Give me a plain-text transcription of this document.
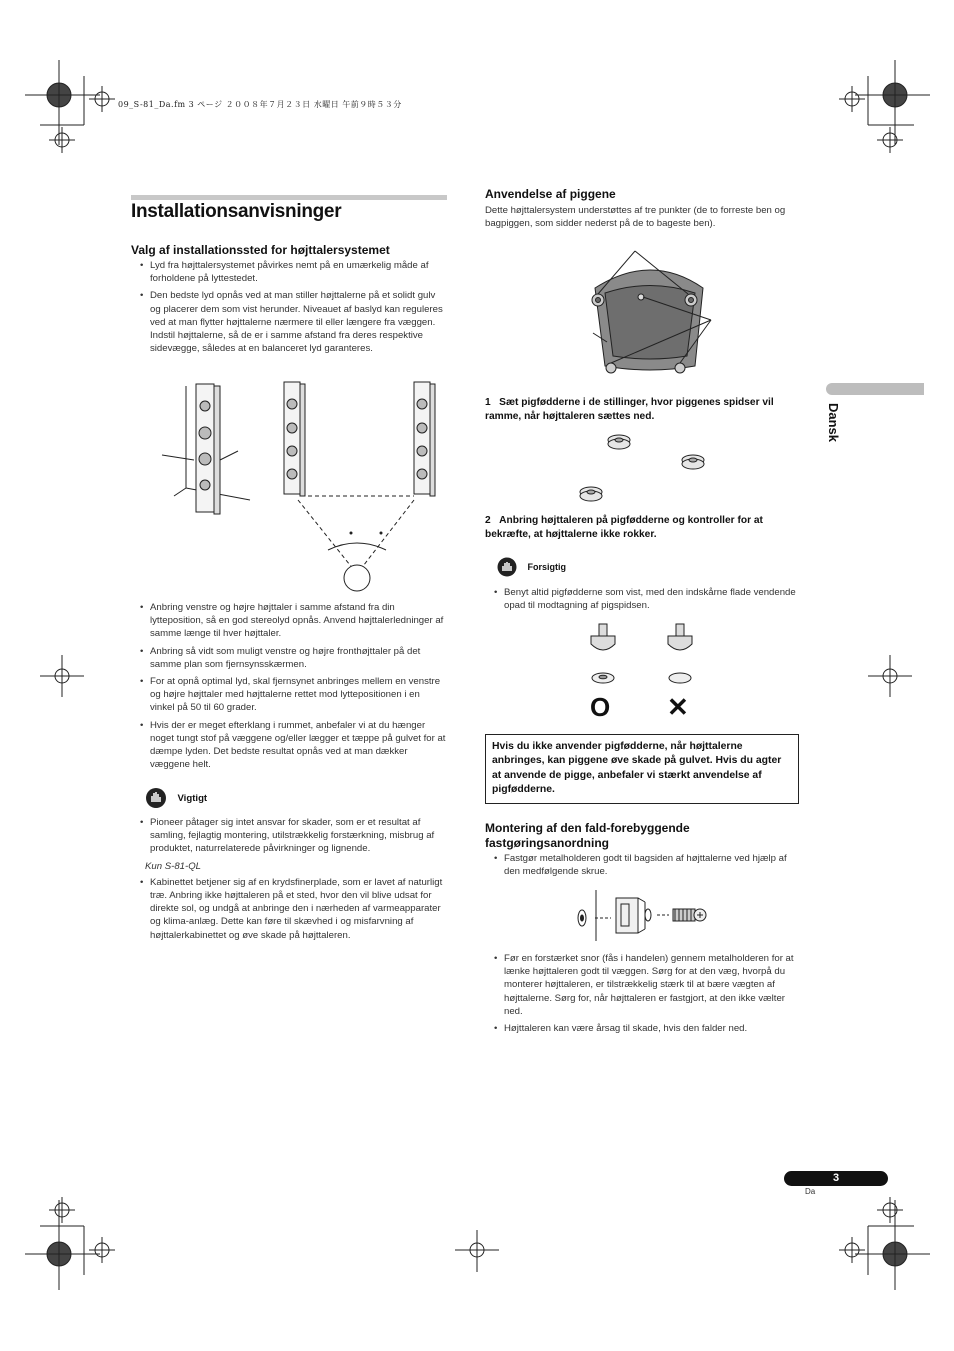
09_S-81_Da.fm 3 ページ ２００８年７月２３日 水曜日 午前９時５３分
Installationsanvisninger
Valg af installationssted for højttalersystemet
• Lyd fra højttalersystemet påvirkes nemt på en umærkelig måde af forholdene på lyttestedet.
• Den bedste lyd opnås ved at man stiller højttalerne på et solidt gulv og placerer dem som vist herunder. Niveauet af baslyd kan reguleres ved at man flytter højttalerne nærmere til eller længere fra væggen. Indstil højttalerne, så de er i samme afstand fra deres respektive sidevægge, således at en balanceret lyd garanteres.
• Anbring venstre og højre højttaler i samme afstand fra din lytteposition, så en god stereolyd opnås. Anvend højttalerledninger af samme længe til hver højttaler.
• Anbring så vidt som muligt venstre og højre fronthøjttaler på det samme plan som fjernsynsskærmen.
• For at opnå optimal lyd, skal fjernsynet anbringes mellem en venstre og højre højttaler med højttalerne rettet mod lyttepositionen i en vinkel på 50 til 60 grader.
• Hvis der er meget efterklang i rummet, anbefaler vi at du hænger noget tungt stof på væggene og/eller lægger et tæppe på gulvet for at dæmpe lyden. Det bedste resultat opnås ved at man dækker væggene helt.
Vigtigt
• Pioneer påtager sig intet ansvar for skader, som er et resultat af samling, fejlagtig montering, utilstrækkelig forstærkning, misbrug af produktet, naturrelaterede påvirkninger og lignende.
Kun S-81-QL
• Kabinettet betjener sig af en krydsfinerplade, som er lavet af naturligt træ. Anbring ikke højttaleren på et sted, hvor den vil blive udsat for direkte sol, og undgå at anbringe den i nærheden af varmeapparater og klima-anlæg. Dette kan føre til skævhed i og misfarvning af højttalerkabinettet og øve skade på højttaleren.
Anvendelse af piggene
Dette højttalersystem understøttes af tre punkter (de to forreste ben og bagpiggen, som sidder nederst på de to bageste ben).
1 Sæt pigfødderne i de stillinger, hvor piggenes spidser vil ramme, når højttaleren sættes ned.
2 Anbring højttaleren på pigfødderne og kontroller for at bekræfte, at højttalerne ikke rokker.
Forsigtig
• Benyt altid pigfødderne som vist, med den indskårne flade vendende opad til modtagning af pigspidsen.
O ✕
Hvis du ikke anvender pigfødderne, når højttalerne anbringes, kan piggene øve skade på gulvet. Hvis du agter at anvende de pigge, anbefaler vi stærkt anvendelse af pigfødderne.
Montering af den fald-forebyggende fastgøringsanordning
• Fastgør metalholderen godt til bagsiden af højttalerne ved hjælp af den medfølgende skrue.
• Før en forstærket snor (fås i handelen) gennem metalholderen for at lænke højttaleren godt til væggen. Sørg for at den væg, hvorpå du monterer højttaleren, er tilstrækkelig stærk til at bære vægten af højttalerne. Sørg for, når højttaleren er fastgjort, at den ikke vælter ned.
• Højttaleren kan være årsag til skade, hvis den falder ned.
Dansk
3
Da
